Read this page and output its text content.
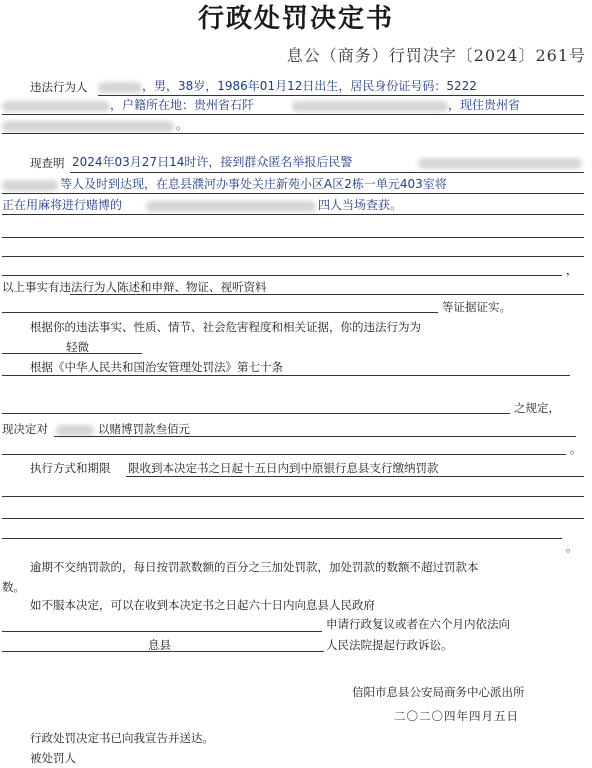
行政处罚决定书
息公（商务）行罚决字〔2024〕261号
违法行为人	，男，38岁，1986年01月12日出生，居民身份证号码：5222
，户籍所在地：贵州省石阡	，现住贵州省
。
现查明 2024年03月27日14时许，接到群众匿名举报后民警
等人及时到达现，在息县濮河办事处关庄新苑小区A区2栋一单元403室将
正在用麻将进行赌博的	四人当场查获。
，
以上事实有违法行为人陈述和申辩、物证、视听资料
等证据证实。
根据你的违法事实、性质、情节、社会危害程度和相关证据，你的违法行为为
轻微
根据《中华人民共和国治安管理处罚法》第七十条
之规定，
现决定对	以赌博罚款叁佰元
。
执行方式和期限 限收到本决定书之日起十五日内到中原银行息县支行缴纳罚款
。
逾期不交纳罚款的，每日按罚款数额的百分之三加处罚款，加处罚款的数额不超过罚款本
数。
如不服本决定，可以在收到本决定书之日起六十日内向息县人民政府
申请行政复议或者在六个月内依法向
息县	人民法院提起行政诉讼。
信阳市息县公安局商务中心派出所
二〇二〇四年四月五日
行政处罚决定书已向我宣告并送达。
被处罚人
